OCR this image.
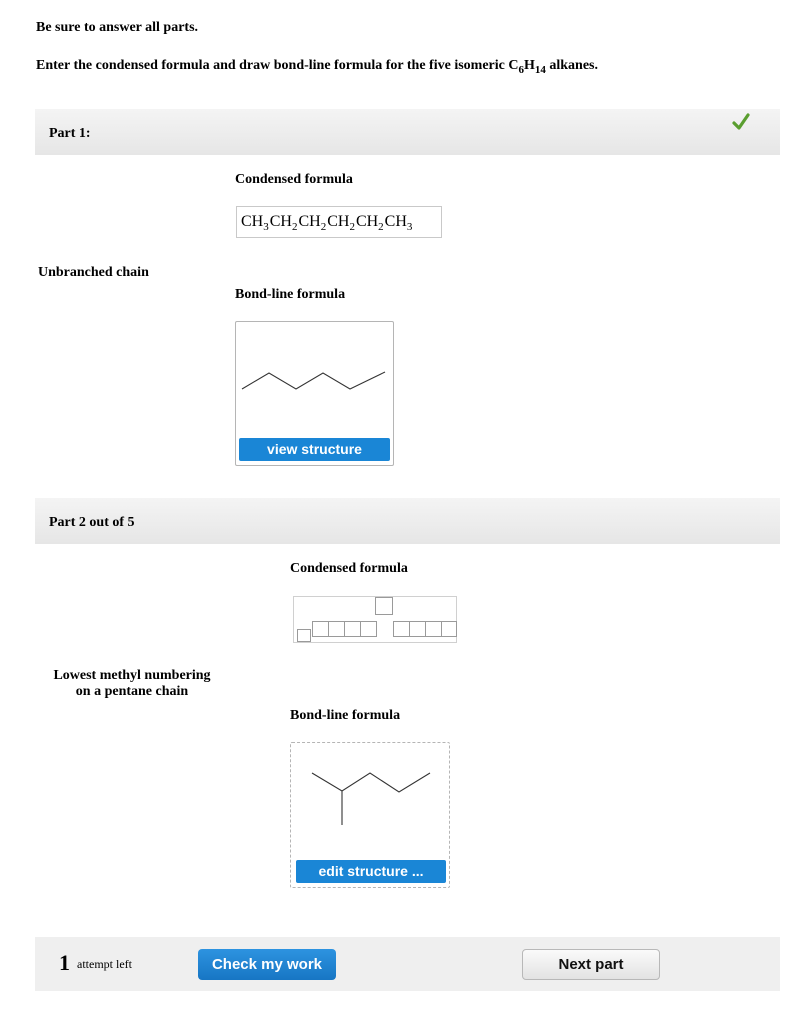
Be sure to answer all parts.
Enter the condensed formula and draw bond-line formula for the five isomeric $C_6H_{14}$ alkanes.
Part 1:
Condensed formula
$CH_3CH_2CH_2CH_2CH_2CH_3$
Unbranched chain
Bond-line formula
view structure
Part 2 out of 5
Condensed formula
Lowest methyl numbering
on a pentane chain
Bond-line formula
edit structure ...
1 attempt left	Check my work	Next part
